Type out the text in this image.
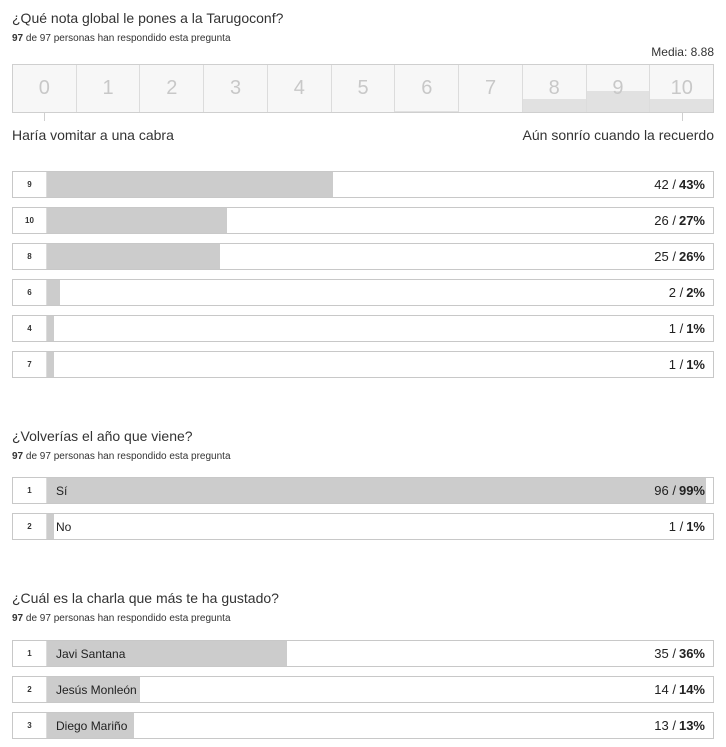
¿Qué nota global le pones a la Tarugoconf?
97 de 97 personas han respondido esta pregunta
Media: 8.88
0	1	2	3	4	5	6	7	8	9 10
Haría vomitar a una cabra	Aún sonrío cuando la recuerdo
9	42 / 43%
10	26 / 27%
8	25 / 26%
6	2 / 2%
4	1 / 1%
7	1 / 1%
¿Volverías el año que viene?
97 de 97 personas han respondido esta pregunta
1	Sí	96 / 99%
2	No	1 / 1%
¿Cuál es la charla que más te ha gustado?
97 de 97 personas han respondido esta pregunta
1	Javi Santana	35 / 36%
2	Jesús Monleón	14 / 14%
3	Diego Mariño	13 / 13%
